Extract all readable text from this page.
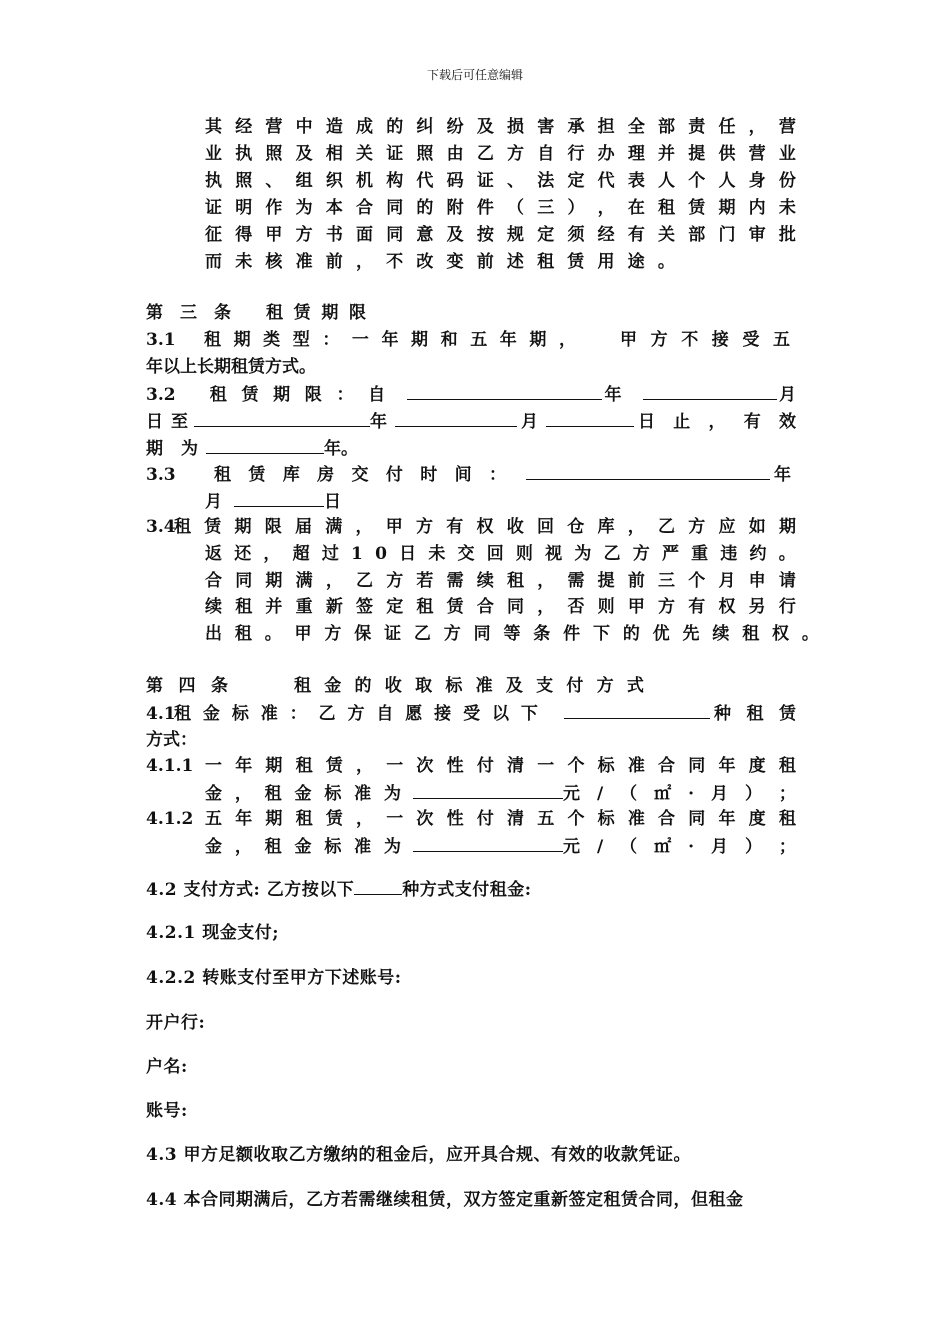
下载后可任意编辑
其 经 营 中 造 成 的 纠 纷 及 损 害 承 担 全 部 责 任 ， 营
业 执 照 及 相 关 证 照 由 乙 方 自 行 办 理 并 提 供 营 业
执 照 、 组 织 机 构 代 码 证 、 法 定 代 表 人 个 人 身 份
证 明 作 为 本 合 同 的 附 件 （ 三 ） ， 在 租 赁 期 内 未
征 得 甲 方 书 面 同 意 及 按 规 定 须 经 有 关 部 门 审 批
而 未 核 准 前 ， 不 改 变 前 述 租 赁 用 途 。
第 三 条 租 赁 期 限
3.1	租 期 类 型 ： 一 年 期 和 五 年 期 ，	甲 方 不 接 受 五
年以上长期租赁方式。
3.2	租 赁 期 限 ： 自	年	月
日 至	年	月	日 止 ， 有 效
期 为	年。
3.3	租 赁 库 房 交 付 时 间 ：	年
月	日
3.4
租 赁 期 限 届 满 ， 甲 方 有 权 收 回 仓 库 ， 乙 方 应 如 期
返 还 ， 超 过 1 0 日 未 交 回 则 视 为 乙 方 严 重 违 约 。
合 同 期 满 ， 乙 方 若 需 续 租 ， 需 提 前 三 个 月 申 请
续 租 并 重 新 签 定 租 赁 合 同 ， 否 则 甲 方 有 权 另 行
出 租 。 甲 方 保 证 乙 方 同 等 条 件 下 的 优 先 续 租 权 。
第 四 条	租 金 的 收 取 标 准 及 支 付 方 式
4.1
租 金 标 准 ： 乙 方 自 愿 接 受 以 下	种 租 赁
方式：
4.1.1 一 年 期 租 赁 ， 一 次 性 付 清 一 个 标 准 合 同 年 度 租
金 ， 租 金 标 准 为	元 / （ ㎡ · 月 ） ；
4.1.2 五 年 期 租 赁 ， 一 次 性 付 清 五 个 标 准 合 同 年 度 租
金 ， 租 金 标 准 为	元 / （ ㎡ · 月 ） ；
4.2 支付方式: 乙方按以下	种方式支付租金:
4.2.1 现金支付;
4.2.2 转账支付至甲方下述账号:
开户行:
户名:
账号:
4.3 甲方足额收取乙方缴纳的租金后，应开具合规、有效的收款凭证。
4.4 本合同期满后，乙方若需继续租赁，双方签定重新签定租赁合同，但租金
